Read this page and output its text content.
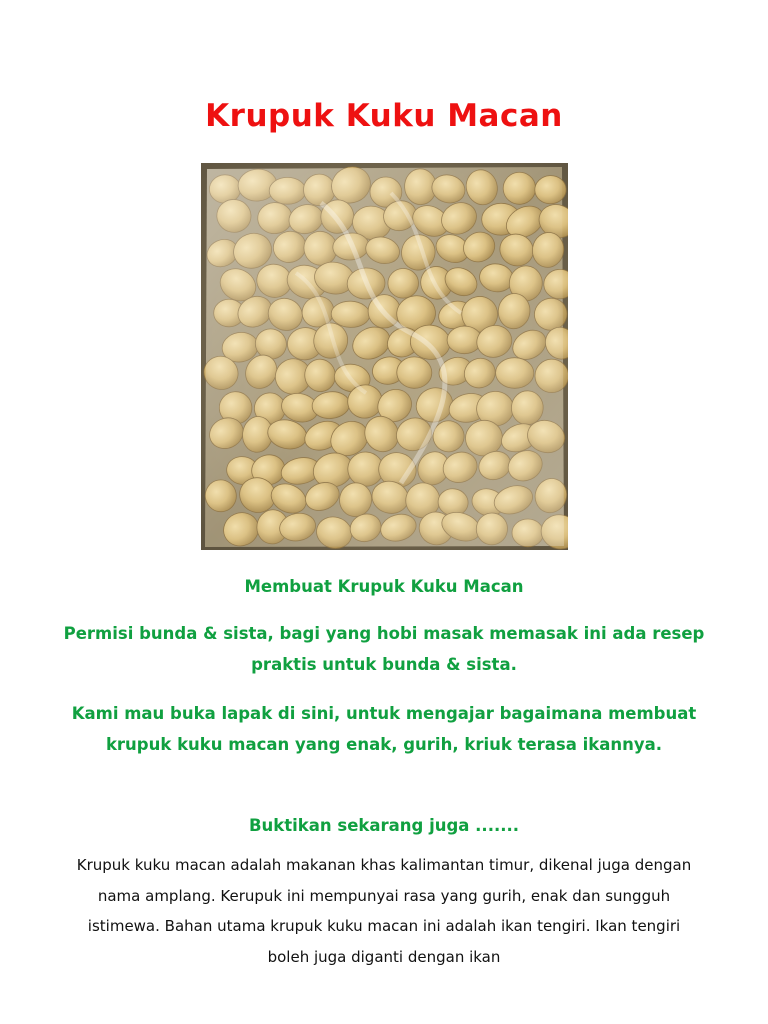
Krupuk Kuku Macan

Membuat Krupuk Kuku Macan

Permisi bunda & sista, bagi yang hobi masak memasak ini ada resep praktis untuk bunda & sista.

Kami mau buka lapak di sini, untuk mengajar bagaimana membuat krupuk kuku macan yang enak, gurih, kriuk terasa ikannya.

Buktikan sekarang juga .......

Krupuk kuku macan adalah makanan khas kalimantan timur, dikenal juga dengan nama amplang. Kerupuk ini mempunyai rasa yang gurih, enak dan sungguh istimewa. Bahan utama krupuk kuku macan ini adalah ikan tengiri. Ikan tengiri boleh juga diganti dengan ikan
